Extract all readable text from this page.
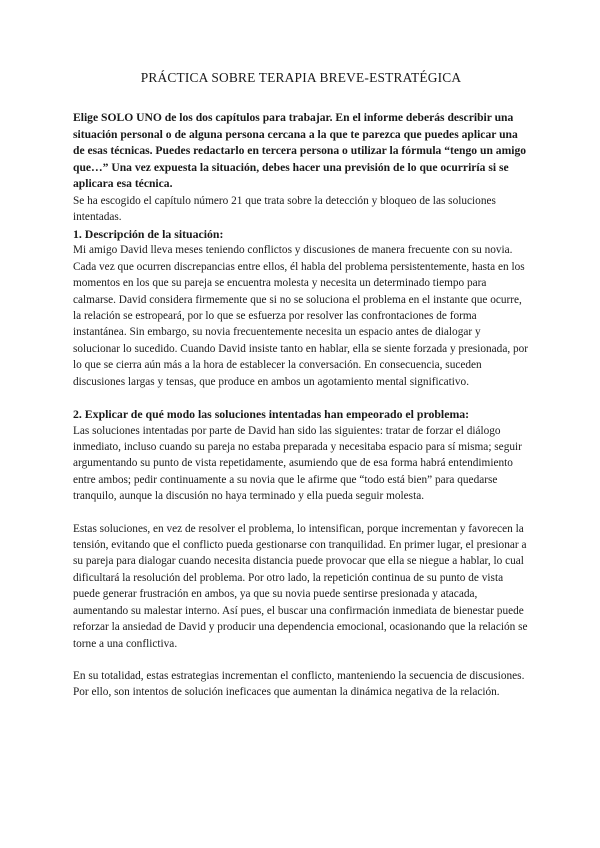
PRÁCTICA SOBRE TERAPIA BREVE-ESTRATÉGICA

Elige SOLO UNO de los dos capítulos para trabajar. En el informe deberás describir una situación personal o de alguna persona cercana a la que te parezca que puedes aplicar una de esas técnicas. Puedes redactarlo en tercera persona o utilizar la fórmula “tengo un amigo que…” Una vez expuesta la situación, debes hacer una previsión de lo que ocurriría si se aplicara esa técnica.

Se ha escogido el capítulo número 21 que trata sobre la detección y bloqueo de las soluciones intentadas.

1. Descripción de la situación:

Mi amigo David lleva meses teniendo conflictos y discusiones de manera frecuente con su novia. Cada vez que ocurren discrepancias entre ellos, él habla del problema persistentemente, hasta en los momentos en los que su pareja se encuentra molesta y necesita un determinado tiempo para calmarse. David considera firmemente que si no se soluciona el problema en el instante que ocurre, la relación se estropeará, por lo que se esfuerza por resolver las confrontaciones de forma instantánea. Sin embargo, su novia frecuentemente necesita un espacio antes de dialogar y solucionar lo sucedido. Cuando David insiste tanto en hablar, ella se siente forzada y presionada, por lo que se cierra aún más a la hora de establecer la conversación. En consecuencia, suceden discusiones largas y tensas, que produce en ambos un agotamiento mental significativo.

2. Explicar de qué modo las soluciones intentadas han empeorado el problema:

Las soluciones intentadas por parte de David han sido las siguientes: tratar de forzar el diálogo inmediato, incluso cuando su pareja no estaba preparada y necesitaba espacio para sí misma; seguir argumentando su punto de vista repetidamente, asumiendo que de esa forma habrá entendimiento entre ambos; pedir continuamente a su novia que le afirme que “todo está bien” para quedarse tranquilo, aunque la discusión no haya terminado y ella pueda seguir molesta.

Estas soluciones, en vez de resolver el problema, lo intensifican, porque incrementan y favorecen la tensión, evitando que el conflicto pueda gestionarse con tranquilidad. En primer lugar, el presionar a su pareja para dialogar cuando necesita distancia puede provocar que ella se niegue a hablar, lo cual dificultará la resolución del problema. Por otro lado, la repetición continua de su punto de vista puede generar frustración en ambos, ya que su novia puede sentirse presionada y atacada, aumentando su malestar interno. Así pues, el buscar una confirmación inmediata de bienestar puede reforzar la ansiedad de David y producir una dependencia emocional, ocasionando que la relación se torne a una conflictiva.

En su totalidad, estas estrategias incrementan el conflicto, manteniendo la secuencia de discusiones. Por ello, son intentos de solución ineficaces que aumentan la dinámica negativa de la relación.
